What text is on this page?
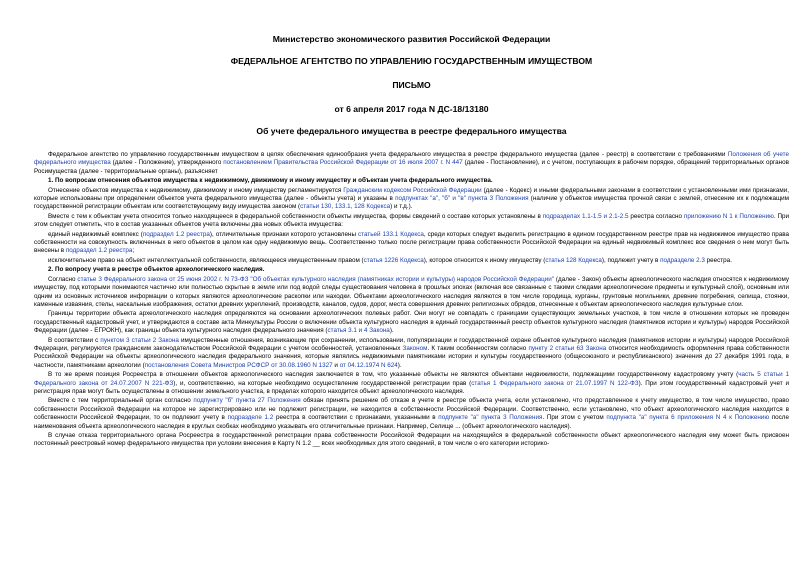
Министерство экономического развития Российской Федерации
ФЕДЕРАЛЬНОЕ АГЕНТСТВО ПО УПРАВЛЕНИЮ ГОСУДАРСТВЕННЫМ ИМУЩЕСТВОМ
ПИСЬМО
от 6 апреля 2017 года N ДС-18/13180
Об учете федерального имущества в реестре федерального имущества

Федеральное агентство по управлению государственным имуществом в целях обеспечения единообразия учета федерального имущества в реестре федерального имущества (далее - реестр) в соответствии с требованиями Положения об учете федерального имущества (далее - Положение), утвержденного постановлением Правительства Российской Федерации от 16 июля 2007 г. N 447 (далее - Постановление), и с учетом, поступающих в рабочем порядке, обращений территориальных органов Росимущества (далее - территориальные органы), разъясняет

1. По вопросам отнесения объектов имущества к недвижимому, движимому и иному имуществу и объектам учета федерального имущества.

Отнесение объектов имущества к недвижимому, движимому и иному имуществу регламентируется Гражданским кодексом Российской Федерации (далее - Кодекс) и иными федеральными законами в соответствии с установленными ими признаками, которые использованы при определении объектов учета федерального имущества (далее - объекты учета) и указаны в подпунктах "а", "б" и "в" пункта 3 Положения (наличие у объектов имущества прочной связи с землей, отнесение их к подлежащим государственной регистрации объектам или соответствующему виду имущества законом (статьи 130, 133.1, 128 Кодекса) и т.д.).

Вместе с тем к объектам учета относится только находящееся в федеральной собственности объекты имущества, формы сведений о составе которых установлены в подразделах 1.1-1.5 и 2.1-2.5 реестра согласно приложению N 1 к Положению. При этом следует отметить, что в состав указанных объектов учета включены два новых объекта имущества:

единый недвижимый комплекс (подраздел 1.2 реестра), отличительные признаки которого установлены статьей 133.1 Кодекса, среди которых следует выделить регистрацию в едином государственном реестре прав на недвижимое имущество права собственности на совокупность включенных в него объектов в целом как одну недвижимую вещь. Соответственно только после регистрации права собственности Российской Федерации на единый недвижимый комплекс все сведения о нем могут быть внесены в подраздел 1.2 реестра;

исключительное право на объект интеллектуальной собственности, являющееся имущественным правом (статья 1226 Кодекса), которое относится к иному имуществу (статья 128 Кодекса), подлежит учету в подразделе 2.3 реестра.

2. По вопросу учета в реестре объектов археологического наследия.

Согласно статье 3 Федерального закона от 25 июня 2002 г. N 73-ФЗ "Об объектах культурного наследия (памятниках истории и культуры) народов Российской Федерации" (далее - Закон) объекты археологического наследия относятся к недвижимому имуществу, под которыми понимаются частично или полностью скрытые в земле или под водой следы существования человека в прошлых эпохах (включая все связанные с такими следами археологические предметы и культурный слой), основным или одним из основных источников информации о которых являются археологические раскопки или находки. Объектами археологического наследия являются в том числе городища, курганы, грунтовые могильники, древние погребения, селища, стоянки, каменные изваяния, стелы, наскальные изображения, остатки древних укреплений, производств, каналов, судов, дорог, места совершения древних религиозных обрядов, отнесенные к объектам археологического наследия культурные слои.

Границы территории объекта археологического наследия определяются на основании археологических полевых работ. Они могут не совпадать с границами существующих земельных участков, в том числе в отношении которых не проведен государственный кадастровый учет, и утверждаются в составе акта Минкультуры России о включении объекта культурного наследия в единый государственный реестр объектов культурного наследия (памятников истории и культуры) народов Российской Федерации (далее - ЕГРОКН), как границы объекта культурного наследия федерального значения (статья 3.1 и 4 Закона).

В соответствии с пунктом 3 статьи 2 Закона имущественные отношения, возникающие при сохранении, использовании, популяризации и государственной охране объектов культурного наследия (памятников истории и культуры) народов Российской Федерации, регулируются гражданским законодательством Российской Федерации с учетом особенностей, установленных Законом. К таким особенностям согласно пункту 2 статьи 63 Закона относится необходимость оформления права собственности Российской Федерации на объекты археологического наследия федерального значения, которые являлись недвижимыми памятниками истории и культуры государственного (общесоюзного и республиканского) значения до 27 декабря 1991 года, в частности, памятниками археологии (постановления Совета Министров РСФСР от 30.08.1960 N 1327 и от 04.12.1974 N 624).

В то же время позиция Росреестра в отношении объектов археологического наследия заключается в том, что указанные объекты не являются объектами недвижимости, подлежащими государственному кадастровому учету (часть 5 статьи 1 Федерального закона от 24.07.2007 N 221-ФЗ), и, соответственно, на которые необходимо осуществление государственной регистрации прав (статья 1 Федерального закона от 21.07.1997 N 122-ФЗ). При этом государственный кадастровый учет и регистрация прав могут быть осуществлены в отношении земельного участка, в пределах которого находится объект археологического наследия.

Вместе с тем территориальный орган согласно подпункту "б" пункта 27 Положения обязан принять решение об отказе в учете в реестре объекта учета, если установлено, что представленное к учету имущество, в том числе имущество, право собственности Российской Федерации на которое не зарегистрировано или не подлежит регистрации, не находится в собственности Российской Федерации. Соответственно, если установлено, что объект археологического наследия находится в собственности Российской Федерации, то он подлежит учету в подразделе 1.2 реестра в соответствии с признаками, указанными в подпункте "а" пункта 3 Положения. При этом с учетом подпункта "а" пункта 6 приложения N 4 к Положению после наименования объекта археологического наследия в круглых скобках необходимо указывать его отличительные признаки. Например, Селище ... (объект археологического наследия).

В случае отказа территориального органа Росреестра в государственной регистрации права собственности Российской Федерации на находящийся в федеральной собственности объект археологического наследия ему может быть присвоен постоянный реестровый номер федерального имущества при условии внесения в Карту N 1.2 __ всех необходимых для этого сведений, в том числе о его категории историко-
